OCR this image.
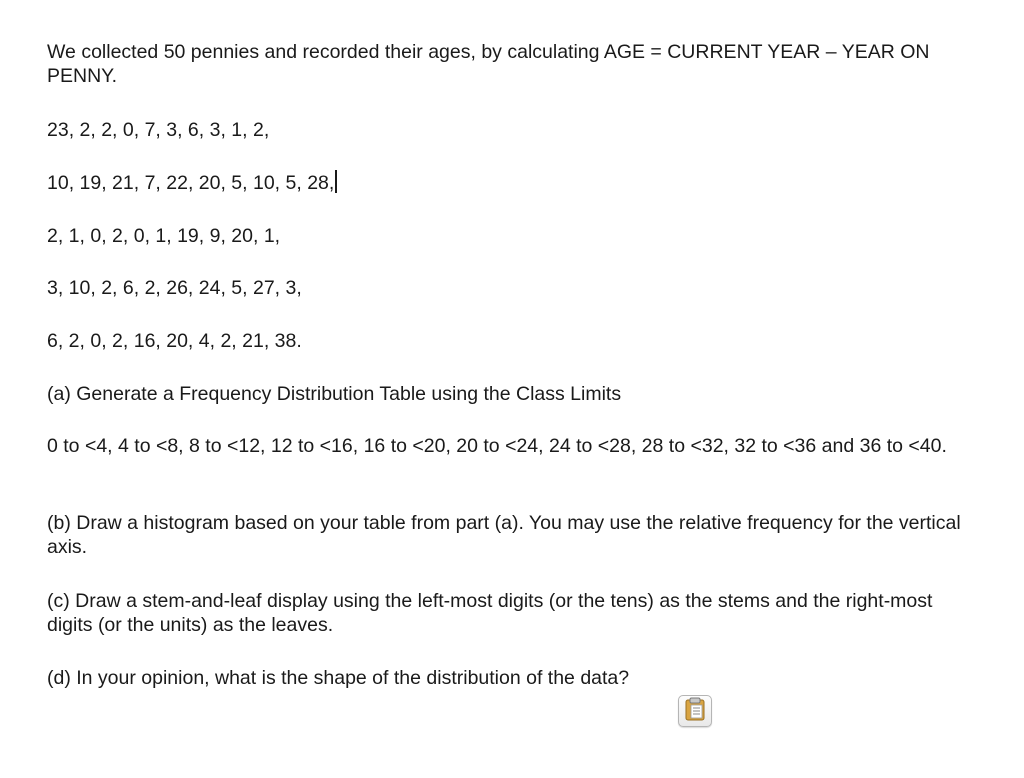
We collected 50 pennies and recorded their ages, by calculating AGE = CURRENT YEAR – YEAR ON PENNY.

23, 2, 2, 0, 7, 3, 6, 3, 1, 2,

10, 19, 21, 7, 22, 20, 5, 10, 5, 28,

2, 1, 0, 2, 0, 1, 19, 9, 20, 1,

3, 10, 2, 6, 2, 26, 24, 5, 27, 3,

6, 2, 0, 2, 16, 20, 4, 2, 21, 38.

(a) Generate a Frequency Distribution Table using the Class Limits

0 to <4, 4 to <8, 8 to <12, 12 to <16, 16 to <20, 20 to <24, 24 to <28, 28 to <32, 32 to <36 and 36 to <40.

(b) Draw a histogram based on your table from part (a). You may use the relative frequency for the vertical axis.

(c) Draw a stem-and-leaf display using the left-most digits (or the tens) as the stems and the right-most digits (or the units) as the leaves.

(d) In your opinion, what is the shape of the distribution of the data?
